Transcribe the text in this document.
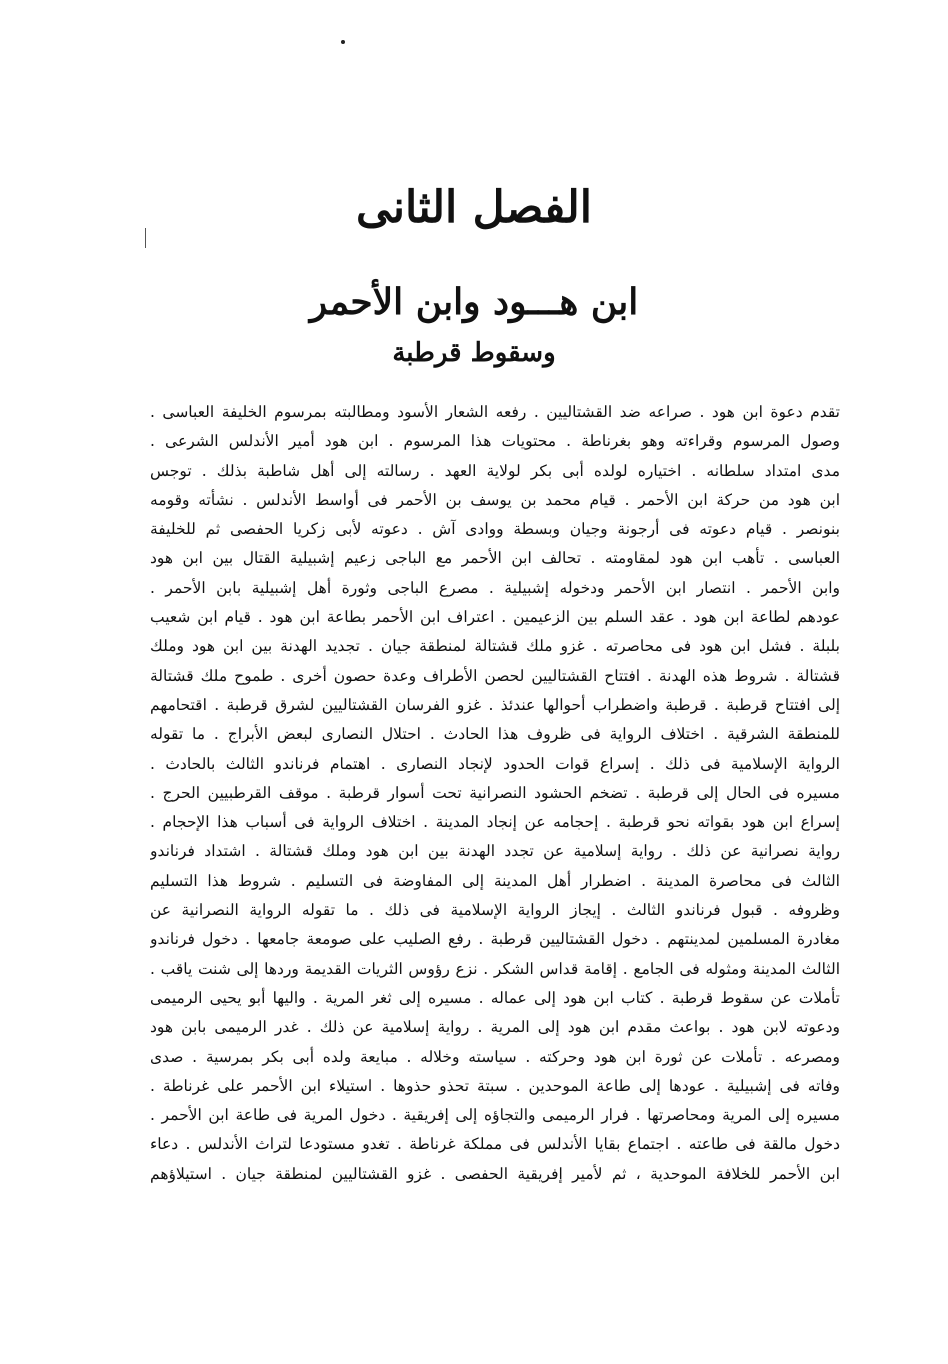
الفصل الثانى
ابن هـــود وابن الأحمر
وسقوط قرطبة
تقدم دعوة ابن هود . صراعه ضد القشتاليين . رفعه الشعار الأسود ومطالبته بمرسوم الخليفة العباسى .
وصول المرسوم وقراءته وهو بغرناطة . محتويات هذا المرسوم . ابن هود أمير الأندلس الشرعى .
مدى امتداد سلطانه . اختياره لولده أبى بكر لولاية العهد . رسالته إلى أهل شاطبة بذلك . توجس
ابن هود من حركة ابن الأحمر . قيام محمد بن يوسف بن الأحمر فى أواسط الأندلس . نشأته وقومه
بنونصر . قيام دعوته فى أرجونة وجيان وبسطة ووادى آش . دعوته لأبى زكريا الحفصى ثم للخليفة
العباسى . تأهب ابن هود لمقاومته . تحالف ابن الأحمر مع الباجى زعيم إشبيلية القتال بين ابن هود
وابن الأحمر . انتصار ابن الأحمر ودخوله إشبيلية . مصرع الباجى وثورة أهل إشبيلية بابن الأحمر .
عودهم لطاعة ابن هود . عقد السلم بين الزعيمين . اعتراف ابن الأحمر بطاعة ابن هود . قيام ابن شعيب
بلبلة . فشل ابن هود فى محاصرته . غزو ملك قشتالة لمنطقة جيان . تجديد الهدنة بين ابن هود وملك
قشتالة . شروط هذه الهدنة . افتتاح القشتاليين لحصن الأطراف وعدة حصون أخرى . طموح ملك قشتالة
إلى افتتاح قرطبة . قرطبة واضطراب أحوالها عندئذ . غزو الفرسان القشتاليين لشرق قرطبة . اقتحامهم
للمنطقة الشرقية . اختلاف الرواية فى ظروف هذا الحادث . احتلال النصارى لبعض الأبراج . ما تقوله
الرواية الإسلامية فى ذلك . إسراع قوات الحدود لإنجاد النصارى . اهتمام فرناندو الثالث بالحادث .
مسيره فى الحال إلى قرطبة . تضخم الحشود النصرانية تحت أسوار قرطبة . موقف القرطبيين الحرج .
إسراع ابن هود بقواته نحو قرطبة . إحجامه عن إنجاد المدينة . اختلاف الرواية فى أسباب هذا الإحجام .
رواية نصرانية عن ذلك . رواية إسلامية عن تجدد الهدنة بين ابن هود وملك قشتالة . اشتداد فرناندو
الثالث فى محاصرة المدينة . اضطرار أهل المدينة إلى المفاوضة فى التسليم . شروط هذا التسليم
وظروفه . قبول فرناندو الثالث . إيجاز الرواية الإسلامية فى ذلك . ما تقوله الرواية النصرانية عن
مغادرة المسلمين لمدينتهم . دخول القشتاليين قرطبة . رفع الصليب على صومعة جامعها . دخول فرناندو
الثالث المدينة ومثوله فى الجامع . إقامة قداس الشكر . نزع رؤوس الثريات القديمة وردها إلى شنت ياقب .
تأملات عن سقوط قرطبة . كتاب ابن هود إلى عماله . مسيره إلى ثغر المرية . واليها أبو يحيى الرميمى
ودعوته لابن هود . بواعث مقدم ابن هود إلى المرية . رواية إسلامية عن ذلك . غدر الرميمى بابن هود
ومصرعه . تأملات عن ثورة ابن هود وحركته . سياسته وخلاله . مبايعة ولده أبى بكر بمرسية . صدى
وفاته فى إشبيلية . عودها إلى طاعة الموحدين . سبتة تحذو حذوها . استيلاء ابن الأحمر على غرناطة .
مسيره إلى المرية ومحاصرتها . فرار الرميمى والتجاؤه إلى إفريقية . دخول المرية فى طاعة ابن الأحمر .
دخول مالقة فى طاعته . اجتماع بقايا الأندلس فى مملكة غرناطة . تغدو مستودعا لتراث الأندلس . دعاء
ابن الأحمر للخلافة الموحدية ، ثم لأمير إفريقية الحفصى . غزو القشتاليين لمنطقة جيان . استيلاؤهم
